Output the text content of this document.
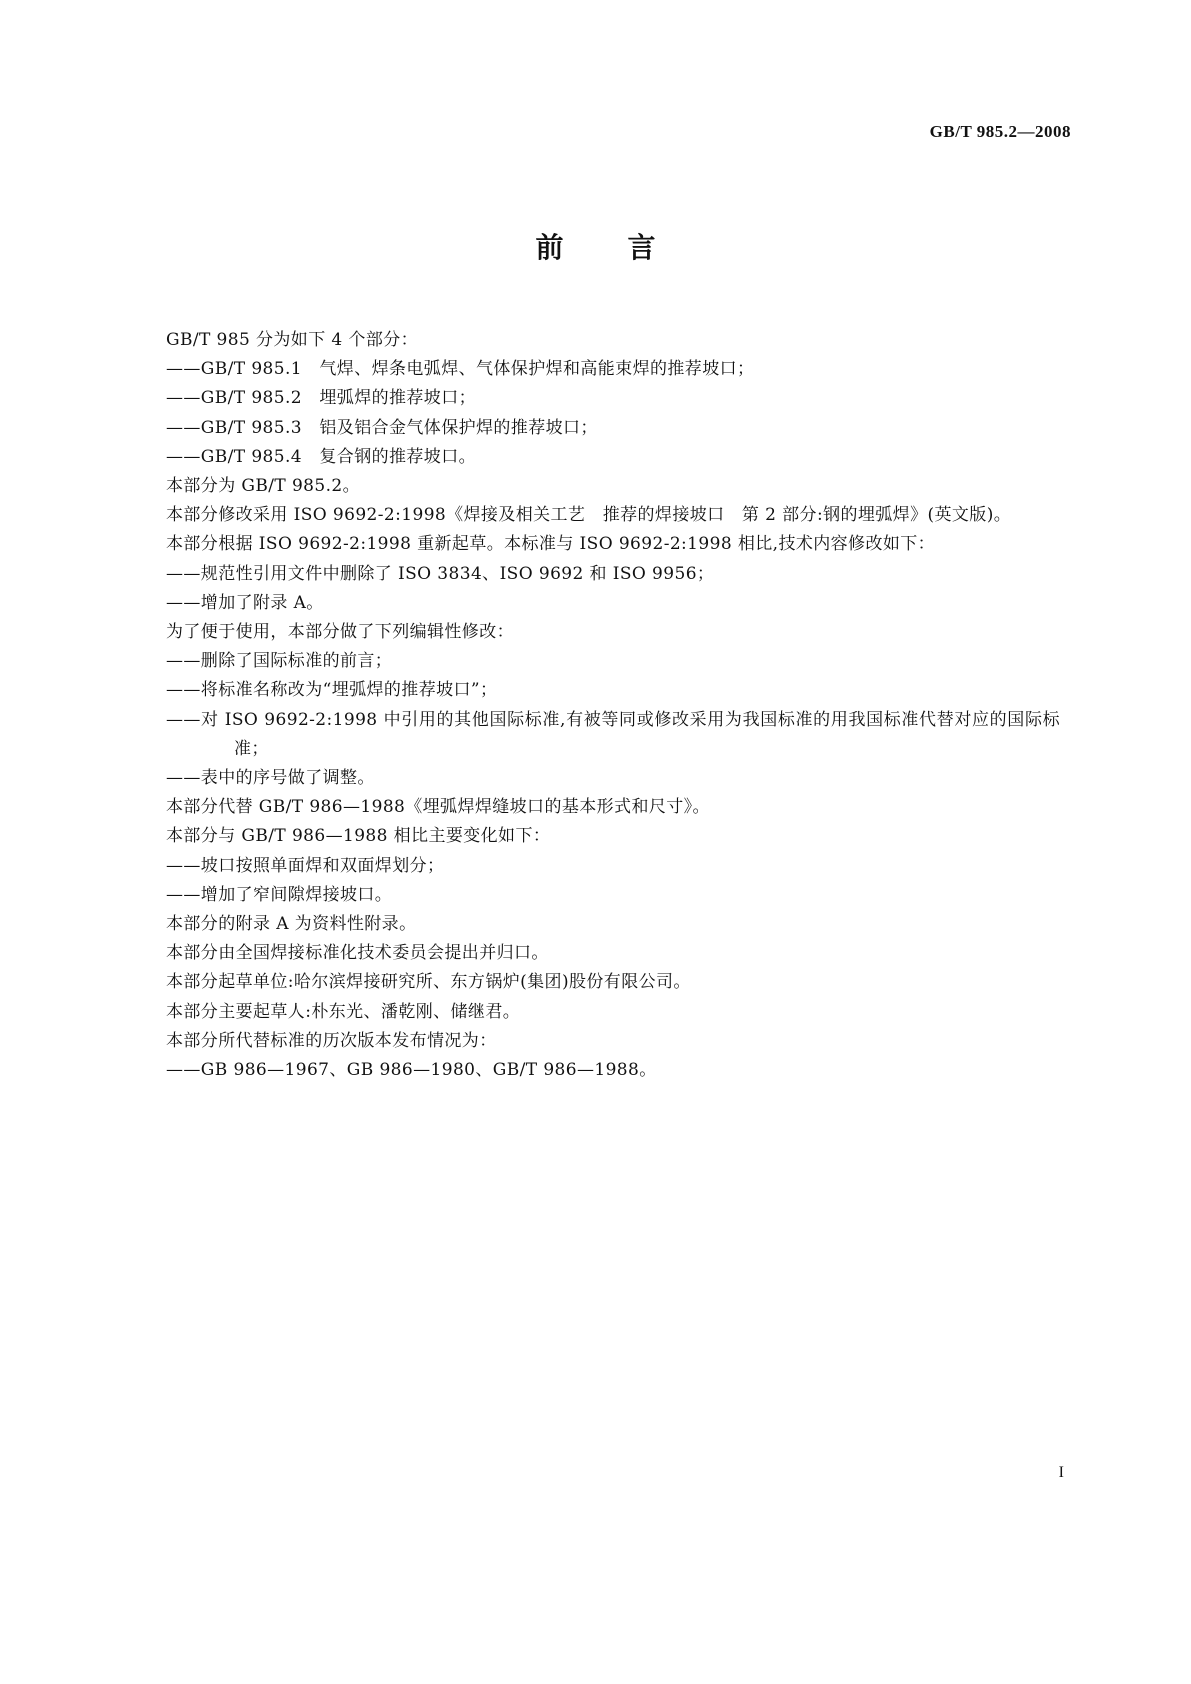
GB/T 985.2—2008
前言
GB/T 985 分为如下 4 个部分：
——GB/T 985.1　气焊、焊条电弧焊、气体保护焊和高能束焊的推荐坡口；
——GB/T 985.2　埋弧焊的推荐坡口；
——GB/T 985.3　铝及铝合金气体保护焊的推荐坡口；
——GB/T 985.4　复合钢的推荐坡口。
本部分为 GB/T 985.2。
本部分修改采用 ISO 9692-2:1998《焊接及相关工艺　推荐的焊接坡口　第 2 部分:钢的埋弧焊》(英文版)。
本部分根据 ISO 9692-2:1998 重新起草。本标准与 ISO 9692-2:1998 相比,技术内容修改如下：
——规范性引用文件中删除了 ISO 3834、ISO 9692 和 ISO 9956；
——增加了附录 A。
为了便于使用，本部分做了下列编辑性修改：
——删除了国际标准的前言；
——将标准名称改为“埋弧焊的推荐坡口”；
——对 ISO 9692-2:1998 中引用的其他国际标准,有被等同或修改采用为我国标准的用我国标准代替对应的国际标准；
——表中的序号做了调整。
本部分代替 GB/T 986—1988《埋弧焊焊缝坡口的基本形式和尺寸》。
本部分与 GB/T 986—1988 相比主要变化如下：
——坡口按照单面焊和双面焊划分；
——增加了窄间隙焊接坡口。
本部分的附录 A 为资料性附录。
本部分由全国焊接标准化技术委员会提出并归口。
本部分起草单位:哈尔滨焊接研究所、东方锅炉(集团)股份有限公司。
本部分主要起草人:朴东光、潘乾刚、储继君。
本部分所代替标准的历次版本发布情况为：
——GB 986—1967、GB 986—1980、GB/T 986—1988。
I
